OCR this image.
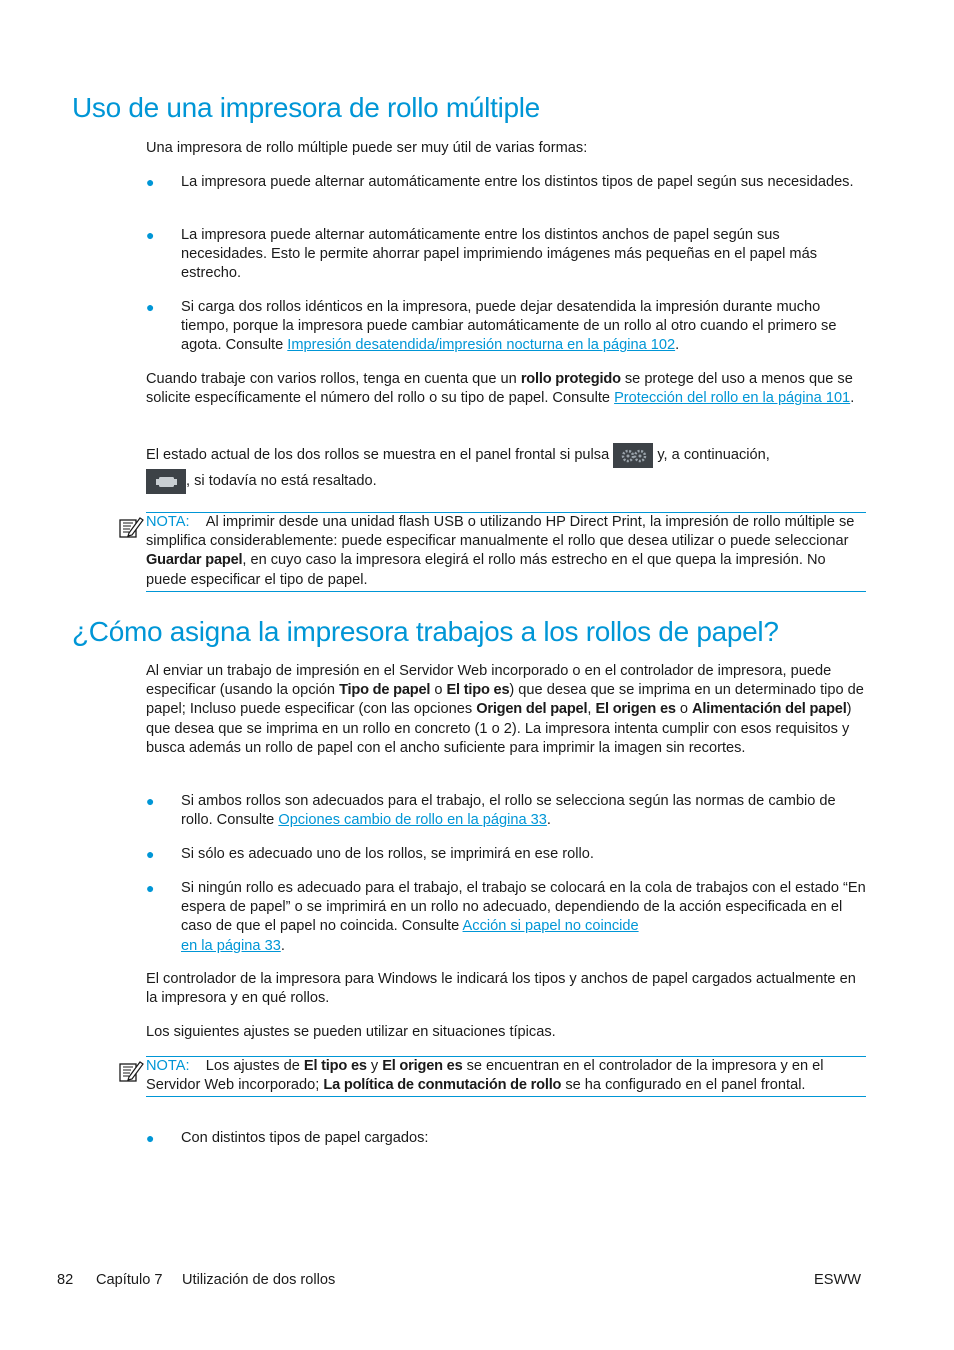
Uso de una impresora de rollo múltiple
Una impresora de rollo múltiple puede ser muy útil de varias formas:
● La impresora puede alternar automáticamente entre los distintos tipos de papel según sus necesidades.
● La impresora puede alternar automáticamente entre los distintos anchos de papel según sus necesidades. Esto le permite ahorrar papel imprimiendo imágenes más pequeñas en el papel más estrecho.
● Si carga dos rollos idénticos en la impresora, puede dejar desatendida la impresión durante mucho tiempo, porque la impresora puede cambiar automáticamente de un rollo al otro cuando el primero se agota. Consulte Impresión desatendida/impresión nocturna en la página 102.
Cuando trabaje con varios rollos, tenga en cuenta que un rollo protegido se protege del uso a menos que se solicite específicamente el número del rollo o su tipo de papel. Consulte Protección del rollo en la página 101.
El estado actual de los dos rollos se muestra en el panel frontal si pulsa	y, a continuación,
, si todavía no está resaltado.
NOTA: Al imprimir desde una unidad flash USB o utilizando HP Direct Print, la impresión de rollo múltiple se simplifica considerablemente: puede especificar manualmente el rollo que desea utilizar o puede seleccionar Guardar papel, en cuyo caso la impresora elegirá el rollo más estrecho en el que quepa la impresión. No puede especificar el tipo de papel.
¿Cómo asigna la impresora trabajos a los rollos de papel?
Al enviar un trabajo de impresión en el Servidor Web incorporado o en el controlador de impresora, puede especificar (usando la opción Tipo de papel o El tipo es) que desea que se imprima en un determinado tipo de papel; Incluso puede especificar (con las opciones Origen del papel, El origen es o Alimentación del papel) que desea que se imprima en un rollo en concreto (1 o 2). La impresora intenta cumplir con esos requisitos y busca además un rollo de papel con el ancho suficiente para imprimir la imagen sin recortes.
● Si ambos rollos son adecuados para el trabajo, el rollo se selecciona según las normas de cambio de rollo. Consulte Opciones cambio de rollo en la página 33.
● Si sólo es adecuado uno de los rollos, se imprimirá en ese rollo.
● Si ningún rollo es adecuado para el trabajo, el trabajo se colocará en la cola de trabajos con el estado “En espera de papel” o se imprimirá en un rollo no adecuado, dependiendo de la acción especificada en el caso de que el papel no coincida. Consulte Acción si papel no coincide
en la página 33.
El controlador de la impresora para Windows le indicará los tipos y anchos de papel cargados actualmente en la impresora y en qué rollos.
Los siguientes ajustes se pueden utilizar en situaciones típicas.
NOTA: Los ajustes de El tipo es y El origen es se encuentran en el controlador de la impresora y en el Servidor Web incorporado; La política de conmutación de rollo se ha configurado en el panel frontal.
● Con distintos tipos de papel cargados:
82 Capítulo 7 Utilización de dos rollos	ESWW
